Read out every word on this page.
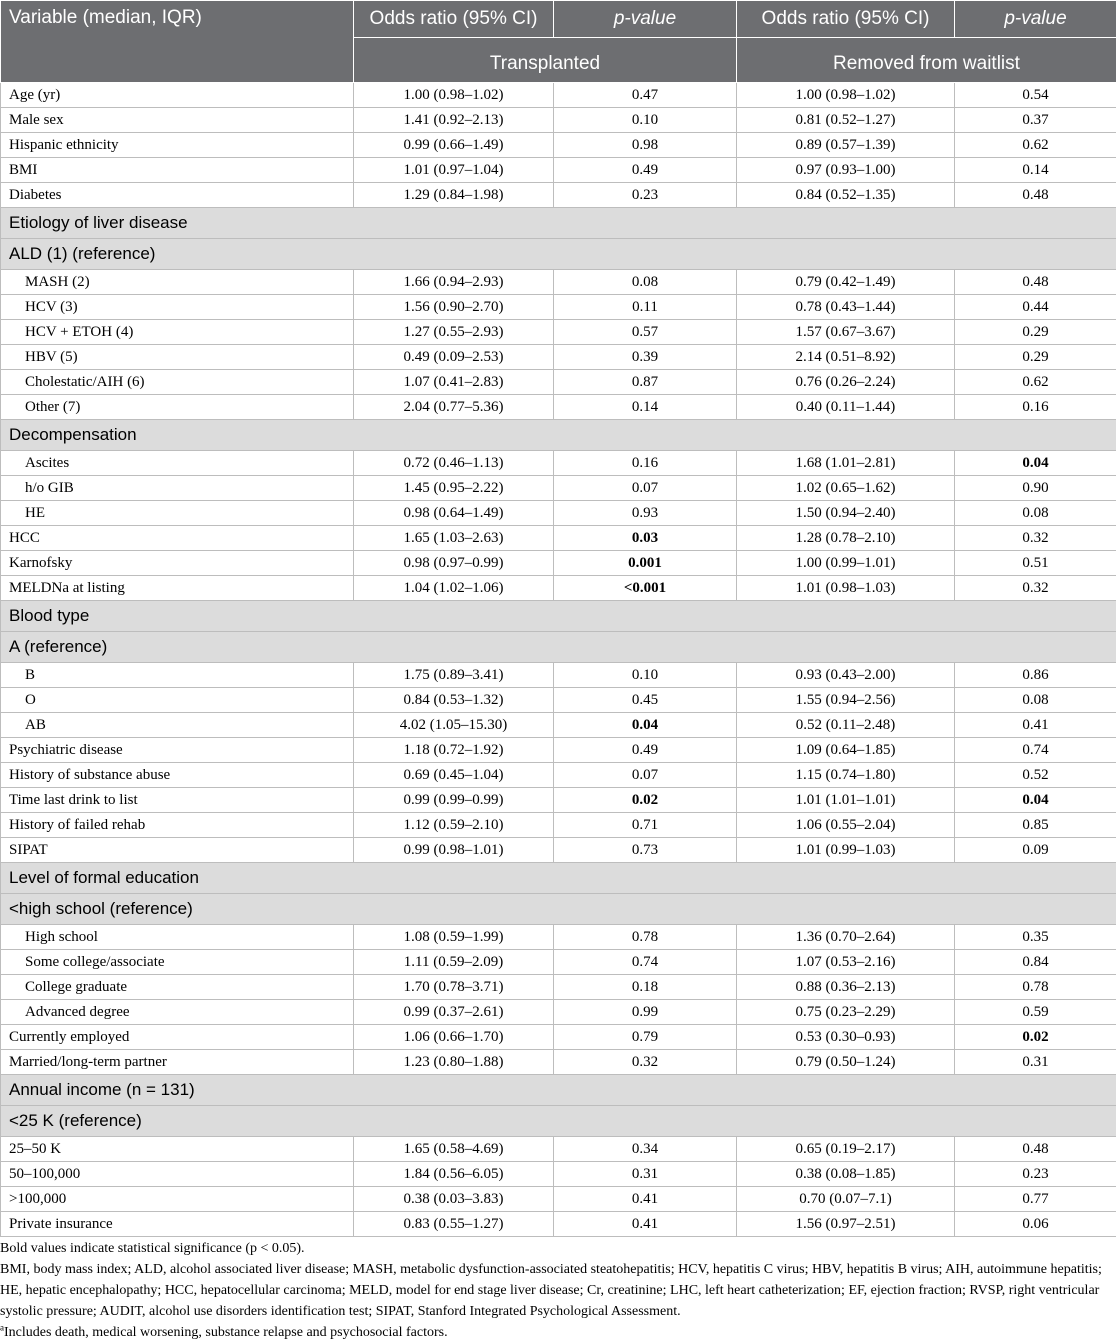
Variable (median, IQR)	Odds ratio (95% CI)	p-value	Odds ratio (95% CI)	p-value
	Transplanted		Removed from waitlist	
Age (yr)	1.00 (0.98–1.02)	0.47	1.00 (0.98–1.02)	0.54
Male sex	1.41 (0.92–2.13)	0.10	0.81 (0.52–1.27)	0.37
Hispanic ethnicity	0.99 (0.66–1.49)	0.98	0.89 (0.57–1.39)	0.62
BMI	1.01 (0.97–1.04)	0.49	0.97 (0.93–1.00)	0.14
Diabetes	1.29 (0.84–1.98)	0.23	0.84 (0.52–1.35)	0.48
Etiology of liver disease				
ALD (1) (reference)				
MASH (2)	1.66 (0.94–2.93)	0.08	0.79 (0.42–1.49)	0.48
HCV (3)	1.56 (0.90–2.70)	0.11	0.78 (0.43–1.44)	0.44
HCV + ETOH (4)	1.27 (0.55–2.93)	0.57	1.57 (0.67–3.67)	0.29
HBV (5)	0.49 (0.09–2.53)	0.39	2.14 (0.51–8.92)	0.29
Cholestatic/AIH (6)	1.07 (0.41–2.83)	0.87	0.76 (0.26–2.24)	0.62
Other (7)	2.04 (0.77–5.36)	0.14	0.40 (0.11–1.44)	0.16
Decompensation				
Ascites	0.72 (0.46–1.13)	0.16	1.68 (1.01–2.81)	0.04
h/o GIB	1.45 (0.95–2.22)	0.07	1.02 (0.65–1.62)	0.90
HE	0.98 (0.64–1.49)	0.93	1.50 (0.94–2.40)	0.08
HCC	1.65 (1.03–2.63)	0.03	1.28 (0.78–2.10)	0.32
Karnofsky	0.98 (0.97–0.99)	0.001	1.00 (0.99–1.01)	0.51
MELDNa at listing	1.04 (1.02–1.06)	<0.001	1.01 (0.98–1.03)	0.32
Blood type				
A (reference)				
B	1.75 (0.89–3.41)	0.10	0.93 (0.43–2.00)	0.86
O	0.84 (0.53–1.32)	0.45	1.55 (0.94–2.56)	0.08
AB	4.02 (1.05–15.30)	0.04	0.52 (0.11–2.48)	0.41
Psychiatric disease	1.18 (0.72–1.92)	0.49	1.09 (0.64–1.85)	0.74
History of substance abuse	0.69 (0.45–1.04)	0.07	1.15 (0.74–1.80)	0.52
Time last drink to list	0.99 (0.99–0.99)	0.02	1.01 (1.01–1.01)	0.04
History of failed rehab	1.12 (0.59–2.10)	0.71	1.06 (0.55–2.04)	0.85
SIPAT	0.99 (0.98–1.01)	0.73	1.01 (0.99–1.03)	0.09
Level of formal education				
<high school (reference)				
High school	1.08 (0.59–1.99)	0.78	1.36 (0.70–2.64)	0.35
Some college/associate	1.11 (0.59–2.09)	0.74	1.07 (0.53–2.16)	0.84
College graduate	1.70 (0.78–3.71)	0.18	0.88 (0.36–2.13)	0.78
Advanced degree	0.99 (0.37–2.61)	0.99	0.75 (0.23–2.29)	0.59
Currently employed	1.06 (0.66–1.70)	0.79	0.53 (0.30–0.93)	0.02
Married/long-term partner	1.23 (0.80–1.88)	0.32	0.79 (0.50–1.24)	0.31
Annual income (n = 131)				
<25 K (reference)				
25–50 K	1.65 (0.58–4.69)	0.34	0.65 (0.19–2.17)	0.48
50–100,000	1.84 (0.56–6.05)	0.31	0.38 (0.08–1.85)	0.23
>100,000	0.38 (0.03–3.83)	0.41	0.70 (0.07–7.1)	0.77
Private insurance	0.83 (0.55–1.27)	0.41	1.56 (0.97–2.51)	0.06

Bold values indicate statistical significance (p < 0.05).

BMI, body mass index; ALD, alcohol associated liver disease; MASH, metabolic dysfunction-associated steatohepatitis; HCV, hepatitis C virus; HBV, hepatitis B virus; AIH, autoimmune hepatitis; HE, hepatic encephalopathy; HCC, hepatocellular carcinoma; MELD, model for end stage liver disease; Cr, creatinine; LHC, left heart catheterization; EF, ejection fraction; RVSP, right ventricular systolic pressure; AUDIT, alcohol use disorders identification test; SIPAT, Stanford Integrated Psychological Assessment.

$^a$Includes death, medical worsening, substance relapse and psychosocial factors.
